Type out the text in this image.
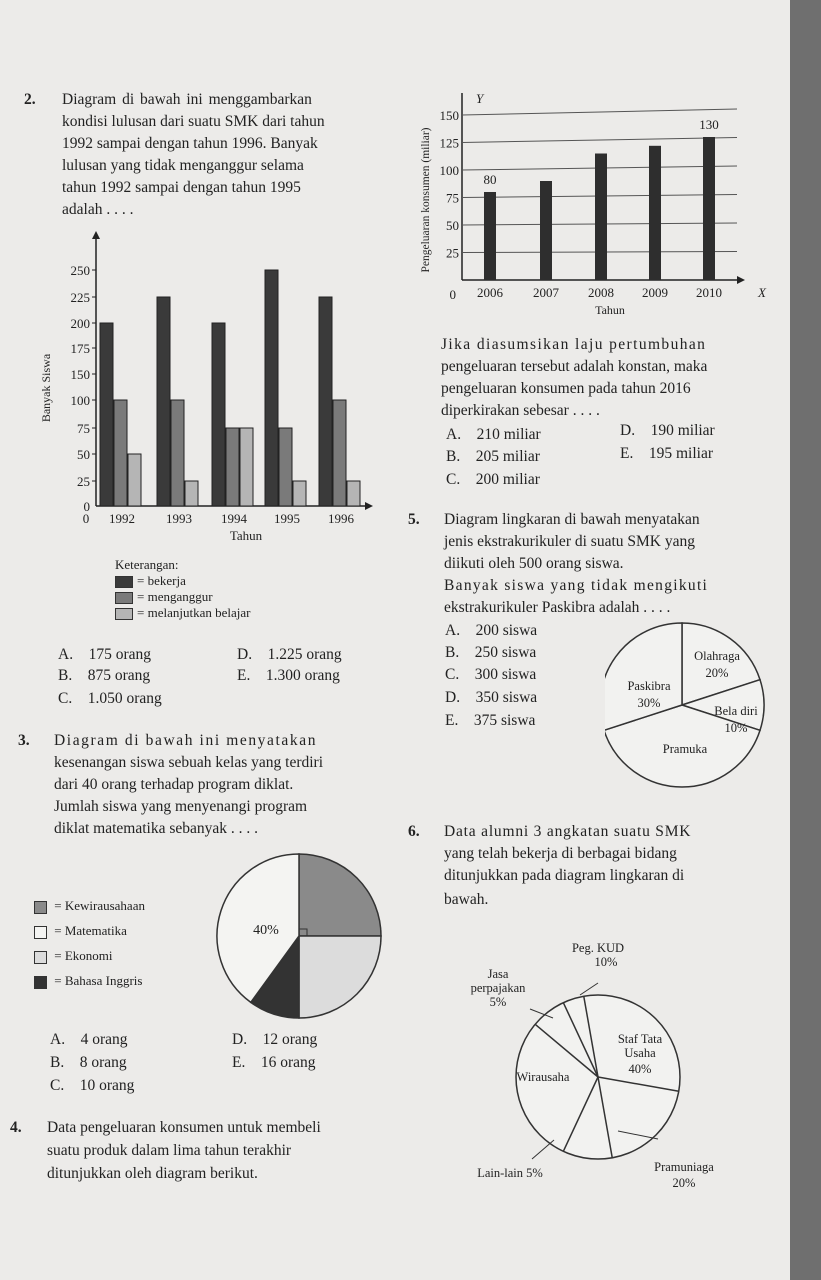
2. Diagram di bawah ini menggambarkan
kondisi lulusan dari suatu SMK dari tahun
1992 sampai dengan tahun 1996. Banyak
lulusan yang tidak menganggur selama
tahun 1992 sampai dengan tahun 1995
adalah . . . .
0
25
50
75
100
150
175
200
225
250
Banyak Siswa
Tahun
1992 1993 1994 1995 1996
0
Keterangan:
= bekerja
= menganggur
= melanjutkan belajar
A. 175 orang
B. 875 orang
C. 1.050 orang
D. 1.225 orang
E. 1.300 orang
3. Diagram di bawah ini menyatakan
kesenangan siswa sebuah kelas yang terdiri
dari 40 orang terhadap program diklat.
Jumlah siswa yang menyenangi program
diklat matematika sebanyak . . . .
= Kewirausahaan
= Matematika
= Ekonomi
= Bahasa Inggris
40%
A. 4 orang
B. 8 orang
C. 10 orang
D. 12 orang
E. 16 orang
4. Data pengeluaran konsumen untuk membeli
suatu produk dalam lima tahun terakhir
ditunjukkan oleh diagram berikut.
Y
X
0
25
50
75
100
125
150
Pengeluaran konsumen (miliar)
2006
80
2007 2008 2009 2010
130
Tahun
Jika diasumsikan laju pertumbuhan
pengeluaran tersebut adalah konstan, maka
pengeluaran konsumen pada tahun 2016
diperkirakan sebesar . . . .
A. 210 miliar
B. 205 miliar
C. 200 miliar
D. 190 miliar
E. 195 miliar
5. Diagram lingkaran di bawah menyatakan
jenis ekstrakurikuler di suatu SMK yang
diikuti oleh 500 orang siswa.
Banyak siswa yang tidak mengikuti
ekstrakurikuler Paskibra adalah . . . .
A. 200 siswa
B. 250 siswa
C. 300 siswa
D. 350 siswa
E. 375 siswa
Olahraga
20%
Bela diri
10%
Pramuka
Paskibra
30%
6. Data alumni 3 angkatan suatu SMK
yang telah bekerja di berbagai bidang
ditunjukkan pada diagram lingkaran di
bawah.
Peg. KUD
10%
Staf Tata
Usaha
40%
Pramuniaga
20%
Lain-lain 5%
Wirausaha
Jasa
perpajakan
5%
